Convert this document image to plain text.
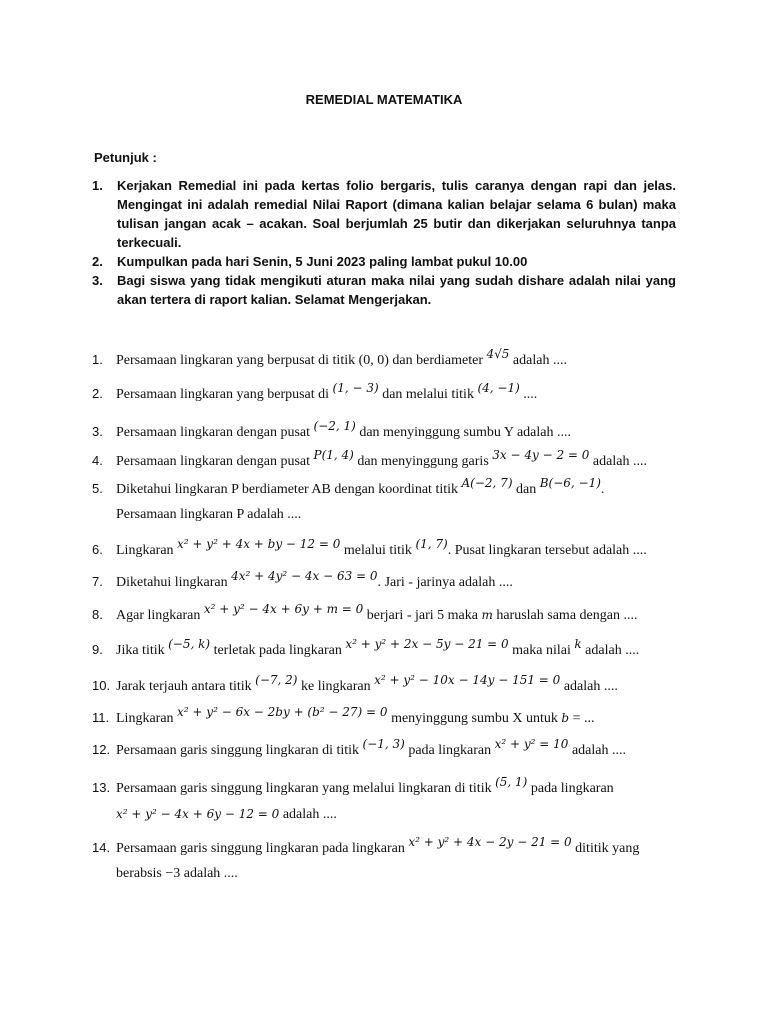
REMEDIAL MATEMATIKA
Petunjuk :
1. Kerjakan Remedial ini pada kertas folio bergaris, tulis caranya dengan rapi dan jelas. Mengingat ini adalah remedial Nilai Raport (dimana kalian belajar selama 6 bulan) maka tulisan jangan acak – acakan. Soal berjumlah 25 butir dan dikerjakan seluruhnya tanpa terkecuali.
2. Kumpulkan pada hari Senin, 5 Juni 2023 paling lambat pukul 10.00
3. Bagi siswa yang tidak mengikuti aturan maka nilai yang sudah dishare adalah nilai yang akan tertera di raport kalian. Selamat Mengerjakan.
1. Persamaan lingkaran yang berpusat di titik (0, 0) dan berdiameter 4√5 adalah ....
2. Persamaan lingkaran yang berpusat di (1, − 3) dan melalui titik (4, −1) ....
3. Persamaan lingkaran dengan pusat (−2, 1) dan menyinggung sumbu Y adalah ....
4. Persamaan lingkaran dengan pusat P(1, 4) dan menyinggung garis 3x − 4y − 2 = 0 adalah ....
5. Diketahui lingkaran P berdiameter AB dengan koordinat titik A(−2, 7) dan B(−6, −1).
Persamaan lingkaran P adalah ....
6. Lingkaran x² + y² + 4x + by − 12 = 0 melalui titik (1, 7). Pusat lingkaran tersebut adalah ....
7. Diketahui lingkaran 4x² + 4y² − 4x − 63 = 0. Jari - jarinya adalah ....
8. Agar lingkaran x² + y² − 4x + 6y + m = 0 berjari - jari 5 maka m haruslah sama dengan ....
9. Jika titik (−5, k) terletak pada lingkaran x² + y² + 2x − 5y − 21 = 0 maka nilai k adalah ....
10. Jarak terjauh antara titik (−7, 2) ke lingkaran x² + y² − 10x − 14y − 151 = 0 adalah ....
11. Lingkaran x² + y² − 6x − 2by + (b² − 27) = 0 menyinggung sumbu X untuk b = ...
12. Persamaan garis singgung lingkaran di titik (−1, 3) pada lingkaran x² + y² = 10 adalah ....
13. Persamaan garis singgung lingkaran yang melalui lingkaran di titik (5, 1) pada lingkaran
x² + y² − 4x + 6y − 12 = 0 adalah ....
14. Persamaan garis singgung lingkaran pada lingkaran x² + y² + 4x − 2y − 21 = 0 dititik yang
berabsis −3 adalah ....
